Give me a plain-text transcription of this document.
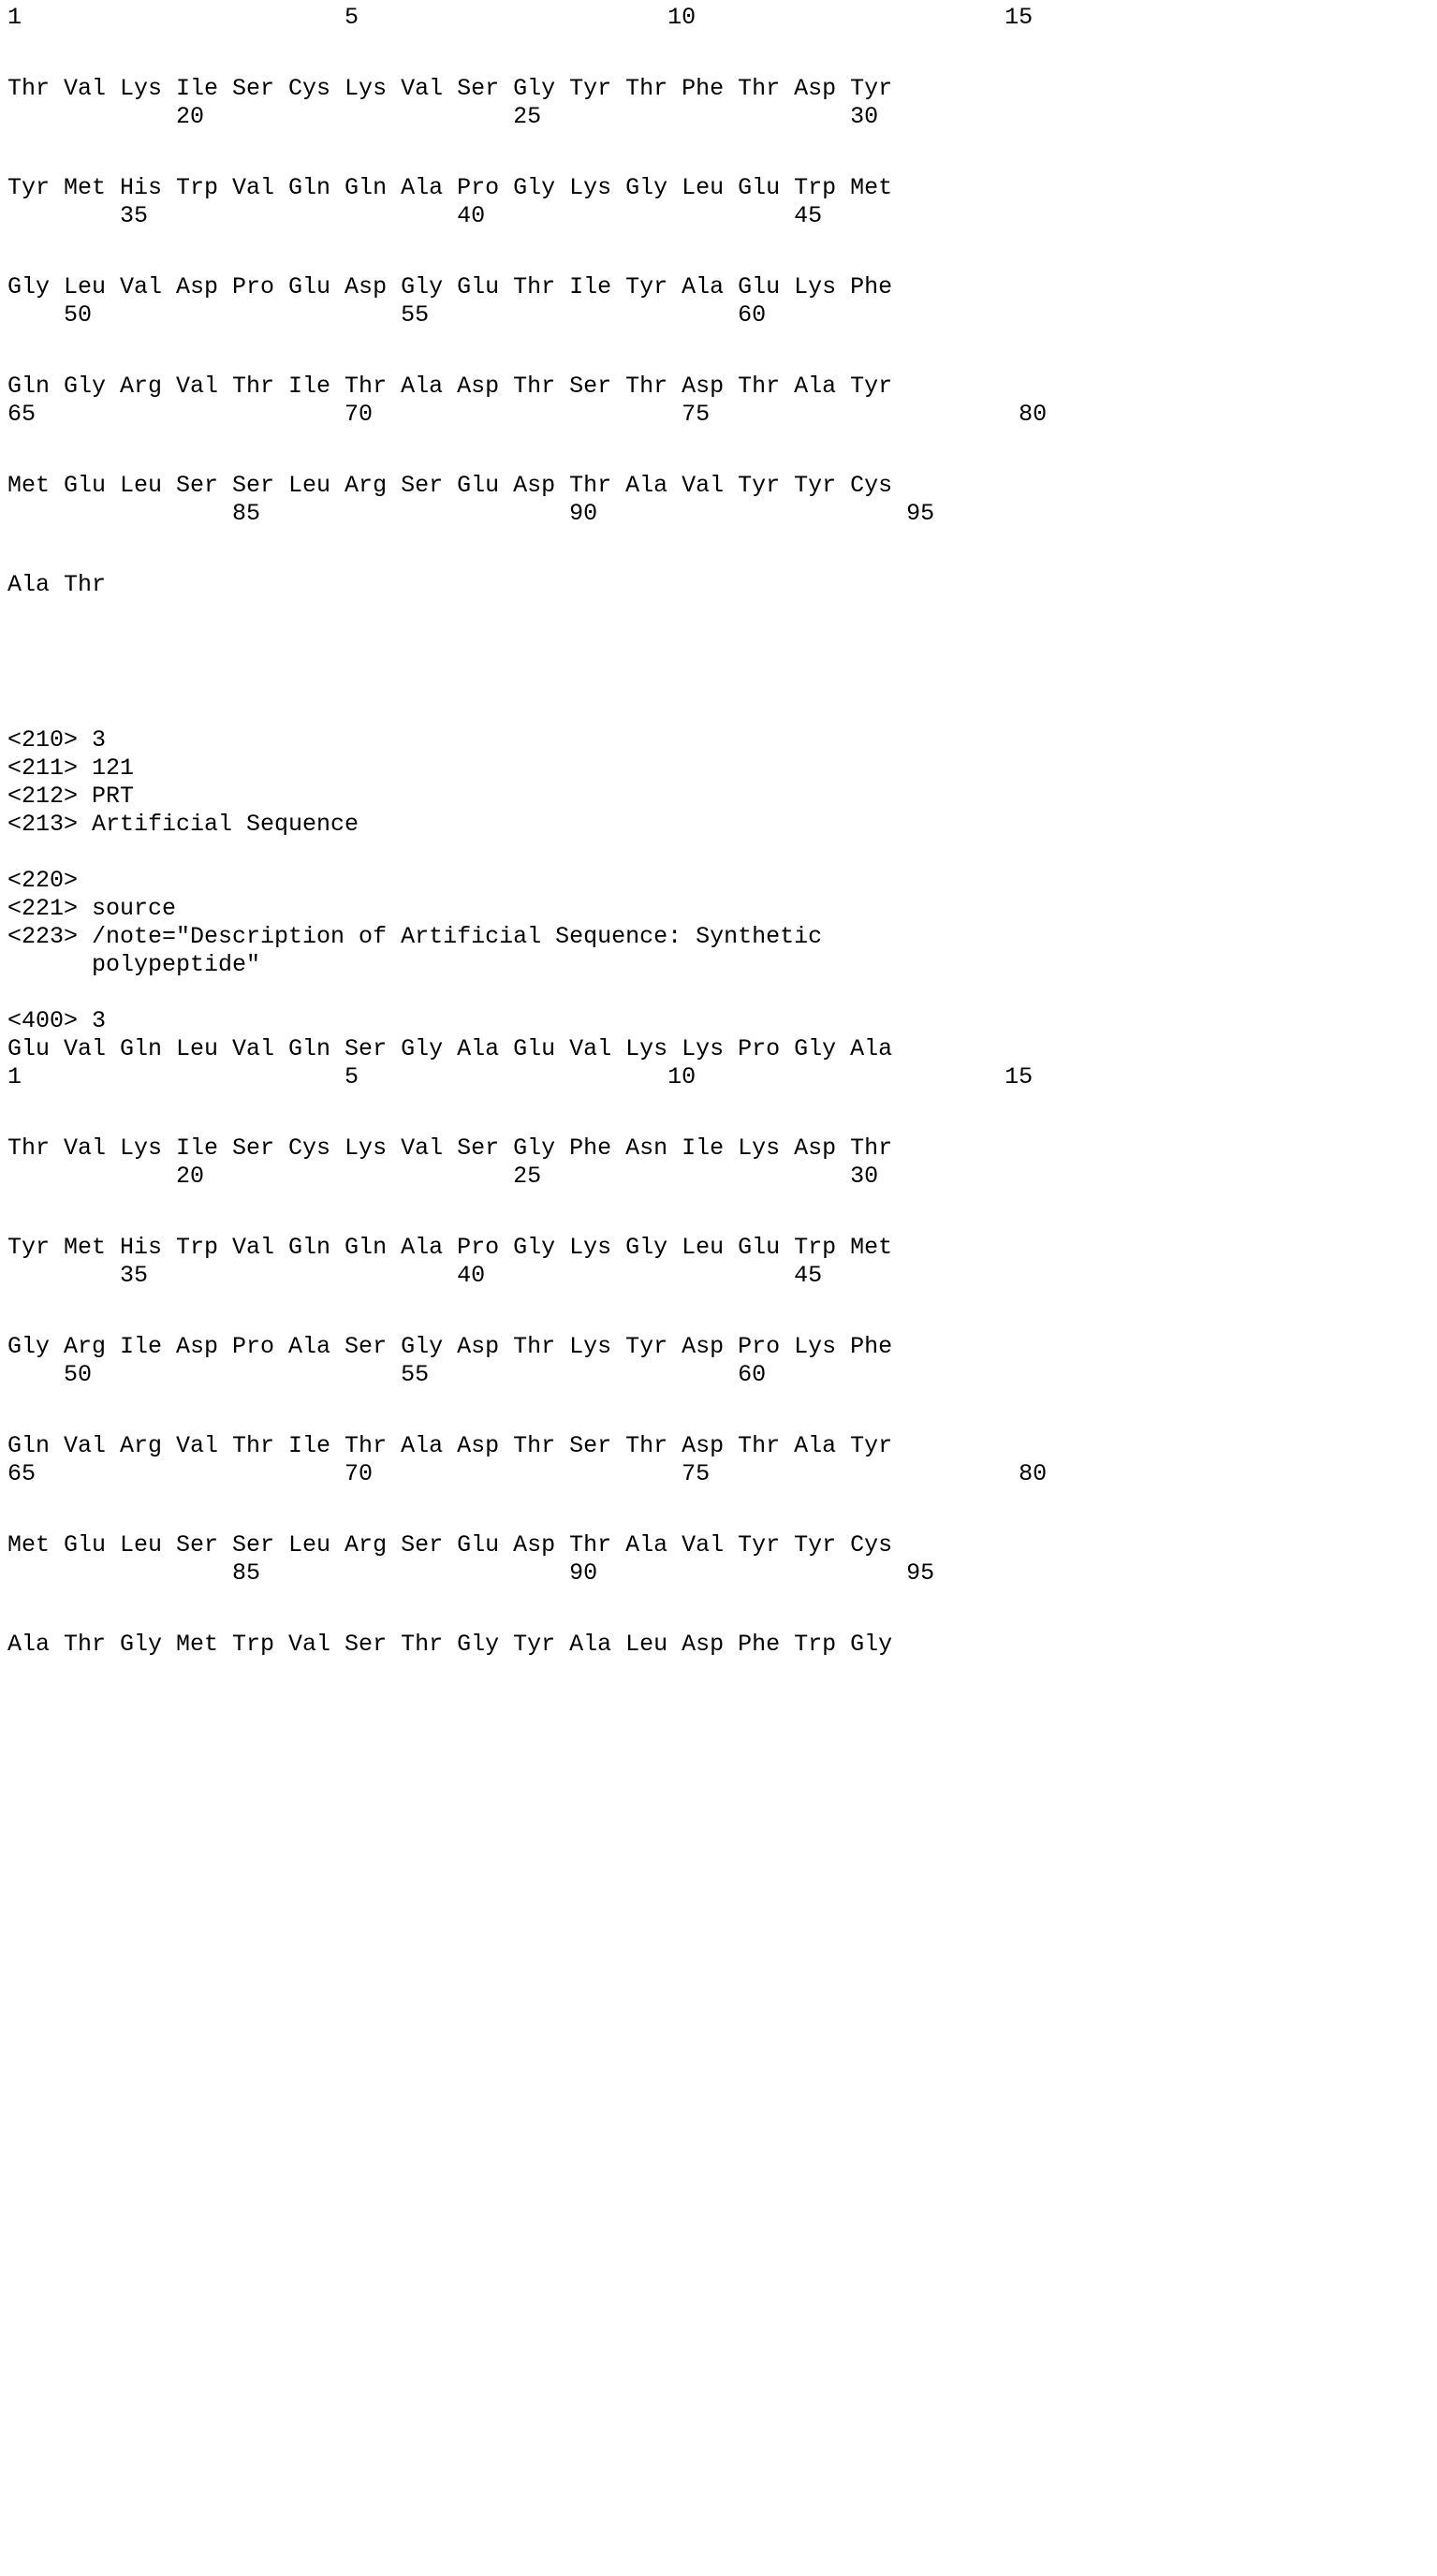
1                       5                      10                      15
Thr Val Lys Ile Ser Cys Lys Val Ser Gly Tyr Thr Phe Thr Asp Tyr
20                      25                      30
Tyr Met His Trp Val Gln Gln Ala Pro Gly Lys Gly Leu Glu Trp Met
35                      40                      45
Gly Leu Val Asp Pro Glu Asp Gly Glu Thr Ile Tyr Ala Glu Lys Phe
50                      55                      60
Gln Gly Arg Val Thr Ile Thr Ala Asp Thr Ser Thr Asp Thr Ala Tyr
65                      70                      75                      80
Met Glu Leu Ser Ser Leu Arg Ser Glu Asp Thr Ala Val Tyr Tyr Cys
85                      90                      95
Ala Thr
<210> 3
<211> 121
<212> PRT
<213> Artificial Sequence
<220>
<221> source
<223> /note="Description of Artificial Sequence: Synthetic
polypeptide"
<400> 3
Glu Val Gln Leu Val Gln Ser Gly Ala Glu Val Lys Lys Pro Gly Ala
1                       5                      10                      15
Thr Val Lys Ile Ser Cys Lys Val Ser Gly Phe Asn Ile Lys Asp Thr
20                      25                      30
Tyr Met His Trp Val Gln Gln Ala Pro Gly Lys Gly Leu Glu Trp Met
35                      40                      45
Gly Arg Ile Asp Pro Ala Ser Gly Asp Thr Lys Tyr Asp Pro Lys Phe
50                      55                      60
Gln Val Arg Val Thr Ile Thr Ala Asp Thr Ser Thr Asp Thr Ala Tyr
65                      70                      75                      80
Met Glu Leu Ser Ser Leu Arg Ser Glu Asp Thr Ala Val Tyr Tyr Cys
85                      90                      95
Ala Thr Gly Met Trp Val Ser Thr Gly Tyr Ala Leu Asp Phe Trp Gly
